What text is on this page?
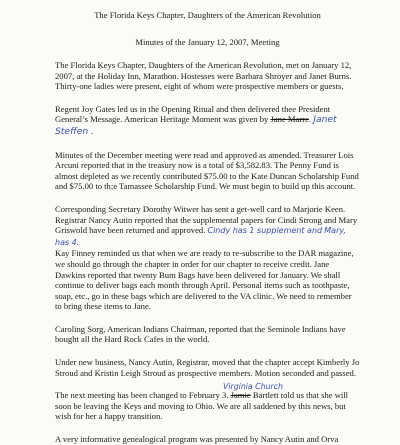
The Florida Keys Chapter, Daughters of the American Revolution

Minutes of the January 12, 2007, Meeting

The Florida Keys Chapter, Daughters of the American Revolution, met on January 12, 2007, at the Holiday Inn, Marathon. Hostesses were Barbara Shroyer and Janet Burns. Thirty-one ladies were present, eight of whom were prospective members or guests.

Regent Joy Gates led us in the Opening Ritual and then delivered thee President General’s Message. American Heritage Moment was given by Jane Marre. Janet Steffen .

Minutes of the December meeting were read and approved as amended. Treasurer Lois Arcuni reported that in the treasury now is a total of $3,582.83. The Penny Fund is almost depleted as we recently contributed $75.00 to the Kate Duncan Scholarship Fund and $75.00 to th;e Tamassee Scholarship Fund. We must begin to build up this account.

Corresponding Secretary Dorothy Witwer has sent a get-well card to Marjorie Keen. Registrar Nancy Autin reported that the supplemental papers for Cindi Strong and Mary Griswold have been returned and approved. Cindy has 1 supplement and Mary, has 4.

Kay Finney reminded us that when we are ready to re-subscribe to the DAR magazine, we should go through the chapter in order for our chapter to receive credit. Jane Dawkins reported that twenty Bum Bags have been delivered for January. We shall continue to deliver bags each month through April. Personal items such as toothpaste, soap, etc., go in these bags which are delivered to the VA clinic. We need to remember to bring these items to Jane.

Caroling Sorg, American Indians Chairman, reported that the Seminole Indians have bought all the Hard Rock Cafes in the world.

Under new business, Nancy Autin, Registrar, moved that the chapter accept Kimberly Jo Stroud and Kristin Leigh Stroud as prospective members. Motion seconded and passed.

Virginia Church
The next meeting has been changed to February 3. Jamie Bartlett told us that she will soon be leaving the Keys and moving to Ohio. We are all saddened by this news, but wish for her a happy transition.

A very informative genealogical program was presented by Nancy Autin and Orva
